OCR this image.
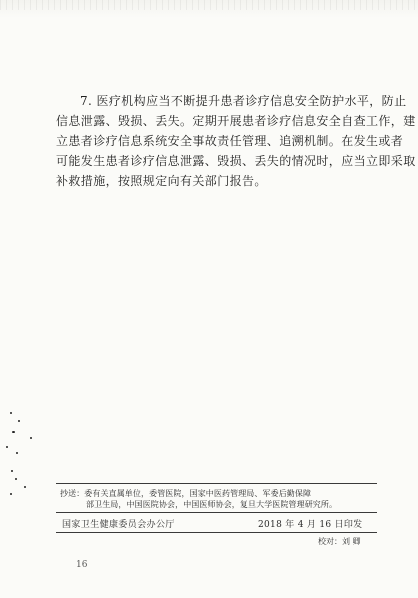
7. 医疗机构应当不断提升患者诊疗信息安全防护水平，防止
信息泄露、毁损、丢失。定期开展患者诊疗信息安全自查工作，建
立患者诊疗信息系统安全事故责任管理、追溯机制。在发生或者
可能发生患者诊疗信息泄露、毁损、丢失的情况时，应当立即采取
补救措施，按照规定向有关部门报告。
抄送：委有关直属单位，委管医院，国家中医药管理局、军委后勤保障
部卫生局，中国医院协会，中国医师协会，复旦大学医院管理研究所。
国家卫生健康委员会办公厅	2018 年 4 月 16 日印发
校对：刘 卿
16
